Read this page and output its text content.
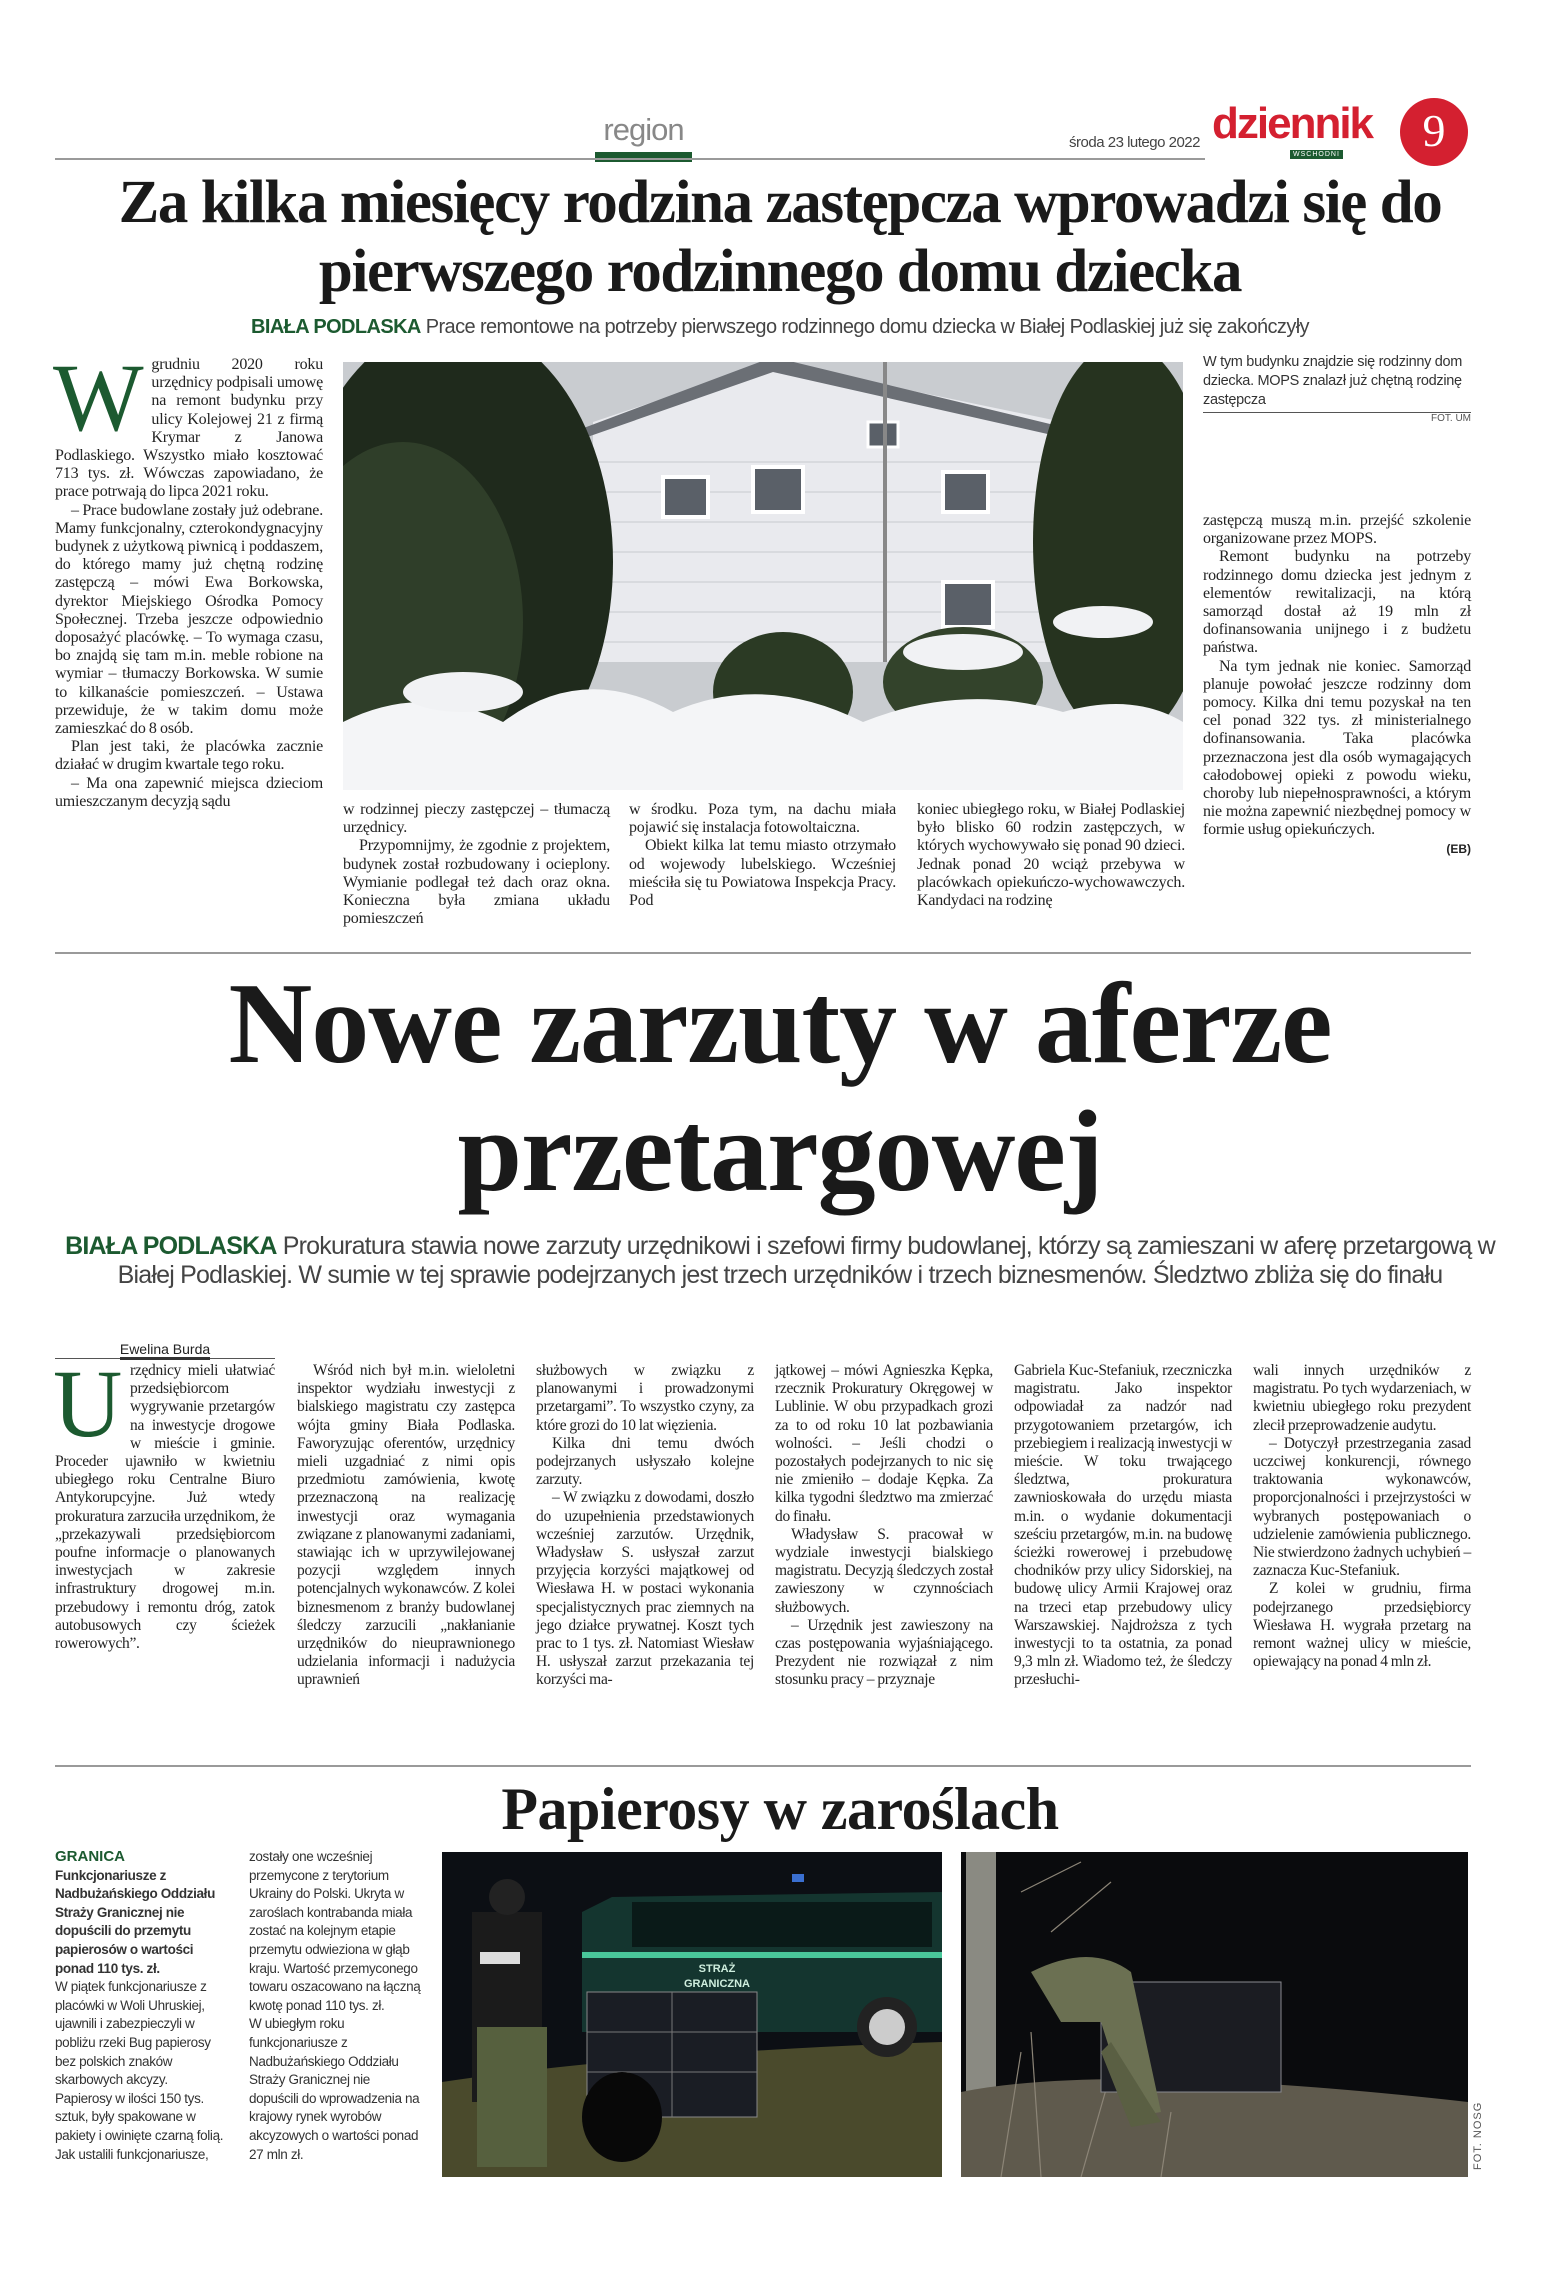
region	środa 23 lutego 2022 dziennik
WSCHODNI	9
Za kilka miesięcy rodzina zastępcza wprowadzi się do pierwszego rodzinnego domu dziecka
BIAŁA PODLASKA Prace remontowe na potrzeby pierwszego rodzinnego domu dziecka w Białej Podlaskiej już się zakończyły

Wgrudniu 2020 roku urzędnicy podpisali umowę na remont budynku przy ulicy Kolejowej 21 z firmą Krymar z Janowa Podlaskiego. Wszystko miało kosztować 713 tys. zł. Wówczas zapowiadano, że prace potrwają do lipca 2021 roku.

– Prace budowlane zostały już odebrane. Mamy funkcjonalny, czterokondygnacyjny budynek z użytkową piwnicą i poddaszem, do którego mamy już chętną rodzinę zastępczą – mówi Ewa Borkowska, dyrektor Miejskiego Ośrodka Pomocy Społecznej. Trzeba jeszcze odpowiednio doposażyć placówkę. – To wymaga czasu, bo znajdą się tam m.in. meble robione na wymiar – tłumaczy Borkowska. W sumie to kilkanaście pomieszczeń. – Ustawa przewiduje, że w takim domu może zamieszkać do 8 osób.

Plan jest taki, że placówka zacznie działać w drugim kwartale tego roku.

– Ma ona zapewnić miejsca dzieciom umieszczanym decyzją sądu

W tym budynku znajdzie się rodzinny dom dziecka. MOPS znalazł już chętną rodzinę zastępcza
FOT. UM

zastępczą muszą m.in. przejść szkolenie organizowane przez MOPS.

Remont budynku na potrzeby rodzinnego domu dziecka jest jednym z elementów rewitalizacji, na którą samorząd dostał aż 19 mln zł dofinansowania unijnego i z budżetu państwa.

Na tym jednak nie koniec. Samorząd planuje powołać jeszcze rodzinny dom pomocy. Kilka dni temu pozyskał na ten cel ponad 322 tys. zł ministerialnego dofinansowania. Taka placówka przeznaczona jest dla osób wymagających całodobowej opieki z powodu wieku, choroby lub niepełnosprawności, a którym nie można zapewnić niezbędnej pomocy w formie usług opiekuńczych.

(EB)

w rodzinnej pieczy zastępczej – tłumaczą urzędnicy.

Przypomnijmy, że zgodnie z projektem, budynek został rozbudowany i ocieplony. Wymianie podlegał też dach oraz okna. Konieczna była zmiana układu pomieszczeń

w środku. Poza tym, na dachu miała pojawić się instalacja fotowoltaiczna.

Obiekt kilka lat temu miasto otrzymało od wojewody lubelskiego. Wcześniej mieściła się tu Powiatowa Inspekcja Pracy. Pod

koniec ubiegłego roku, w Białej Podlaskiej było blisko 60 rodzin zastępczych, w których wychowywało się ponad 90 dzieci. Jednak ponad 20 wciąż przebywa w placówkach opiekuńczo-wychowawczych. Kandydaci na rodzinę

Nowe zarzuty w aferze przetargowej
BIAŁA PODLASKA Prokuratura stawia nowe zarzuty urzędnikowi i szefowi firmy budowlanej, którzy są zamieszani w aferę przetargową w Białej Podlaskiej. W sumie w tej sprawie podejrzanych jest trzech urzędników i trzech biznesmenów. Śledztwo zbliża się do finału
Ewelina Burda

Urzędnicy mieli ułatwiać przedsiębiorcom wygrywanie przetargów na inwestycje drogowe w mieście i gminie. Proceder ujawniło w kwietniu ubiegłego roku Centralne Biuro Antykorupcyjne. Już wtedy prokuratura zarzuciła urzędnikom, że „przekazywali przedsiębiorcom poufne informacje o planowanych inwestycjach w zakresie infrastruktury drogowej m.in. przebudowy i remontu dróg, zatok autobusowych czy ścieżek rowerowych”.

Wśród nich był m.in. wieloletni inspektor wydziału inwestycji z bialskiego magistratu czy zastępca wójta gminy Biała Podlaska. Faworyzując oferentów, urzędnicy mieli uzgadniać z nimi opis przedmiotu zamówienia, kwotę przeznaczoną na realizację inwestycji oraz wymagania związane z planowanymi zadaniami, stawiając ich w uprzywilejowanej pozycji względem innych potencjalnych wykonawców. Z kolei biznesmenom z branży budowlanej śledczy zarzucili „nakłanianie urzędników do nieuprawnionego udzielania informacji i nadużycia uprawnień

służbowych w związku z planowanymi i prowadzonymi przetargami”. To wszystko czyny, za które grozi do 10 lat więzienia.

Kilka dni temu dwóch podejrzanych usłyszało kolejne zarzuty.

– W związku z dowodami, doszło do uzupełnienia przedstawionych wcześniej zarzutów. Urzędnik, Władysław S. usłyszał zarzut przyjęcia korzyści majątkowej od Wiesława H. w postaci wykonania specjalistycznych prac ziemnych na jego działce prywatnej. Koszt tych prac to 1 tys. zł. Natomiast Wiesław H. usłyszał zarzut przekazania tej korzyści ma-

jątkowej – mówi Agnieszka Kępka, rzecznik Prokuratury Okręgowej w Lublinie. W obu przypadkach grozi za to od roku 10 lat pozbawiania wolności. – Jeśli chodzi o pozostałych podejrzanych to nic się nie zmieniło – dodaje Kępka. Za kilka tygodni śledztwo ma zmierzać do finału.

Władysław S. pracował w wydziale inwestycji bialskiego magistratu. Decyzją śledczych został zawieszony w czynnościach służbowych.

– Urzędnik jest zawieszony na czas postępowania wyjaśniającego. Prezydent nie rozwiązał z nim stosunku pracy – przyznaje

Gabriela Kuc-Stefaniuk, rzeczniczka magistratu. Jako inspektor odpowiadał za nadzór nad przygotowaniem przetargów, ich przebiegiem i realizacją inwestycji w mieście. W toku trwającego śledztwa, prokuratura zawnioskowała do urzędu miasta m.in. o wydanie dokumentacji sześciu przetargów, m.in. na budowę ścieżki rowerowej i przebudowę chodników przy ulicy Sidorskiej, na budowę ulicy Armii Krajowej oraz na trzeci etap przebudowy ulicy Warszawskiej. Najdroższa z tych inwestycji to ta ostatnia, za ponad 9,3 mln zł. Wiadomo też, że śledczy przesłuchi-

wali innych urzędników z magistratu. Po tych wydarzeniach, w kwietniu ubiegłego roku prezydent zlecił przeprowadzenie audytu.

– Dotyczył przestrzegania zasad uczciwej konkurencji, równego traktowania wykonawców, proporcjonalności i przejrzystości w wybranych postępowaniach o udzielenie zamówienia publicznego. Nie stwierdzono żadnych uchybień – zaznacza Kuc-Stefaniuk.

Z kolei w grudniu, firma podejrzanego przedsiębiorcy Wiesława H. wygrała przetarg na remont ważnej ulicy w mieście, opiewający na ponad 4 mln zł.

Papierosy w zaroślach
GRANICA Funkcjonariusze z Nadbużańskiego Oddziału Straży Granicznej nie dopuścili do przemytu papierosów o wartości ponad 110 tys. zł.

W piątek funkcjonariusze z placówki w Woli Uhruskiej, ujawnili i zabezpieczyli w pobliżu rzeki Bug papierosy bez polskich znaków skarbowych akcyzy. Papierosy w ilości 150 tys. sztuk, były spakowane w pakiety i owinięte czarną folią. Jak ustalili funkcjonariusze,

zostały one wcześniej przemycone z terytorium Ukrainy do Polski. Ukryta w zaroślach kontrabanda miała zostać na kolejnym etapie przemytu odwieziona w głąb kraju. Wartość przemyconego towaru oszacowano na łączną kwotę ponad 110 tys. zł.

W ubiegłym roku funkcjonariusze z Nadbużańskiego Oddziału Straży Granicznej nie dopuścili do wprowadzenia na krajowy rynek wyrobów akcyzowych o wartości ponad 27 mln zł.

STRAŻ
GRANICZNA
FOT. NOSG
